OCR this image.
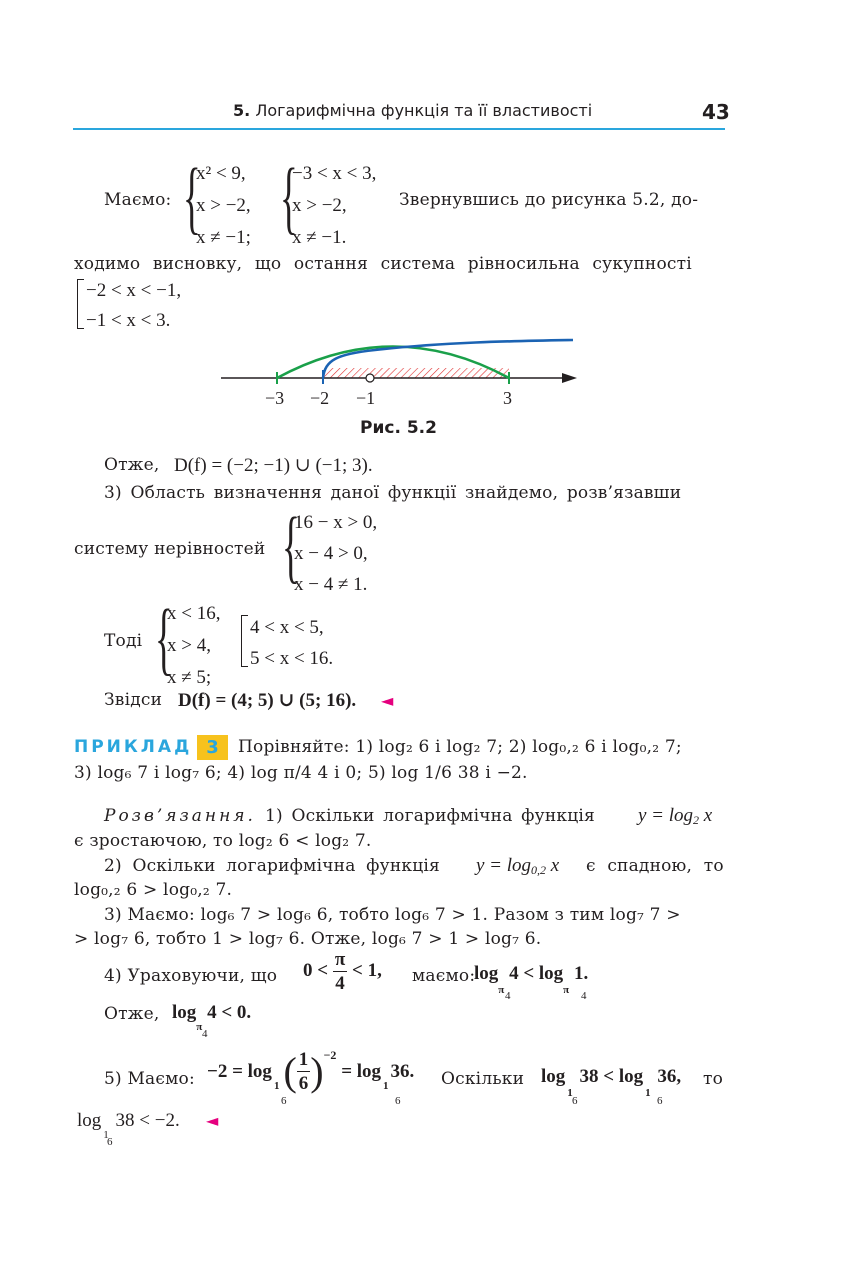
5. Логарифмічна функція та її властивості	43
Маємо: {
x² < 9,
x > −2,
x ≠ −1; {
−3 < x < 3,
x > −2,
x ≠ −1.
Звернувшись до рисунка 5.2, до-
ходимо висновку, що остання система рівносильна сукупності
−2 < x < −1,
−1 < x < 3.
−3 −2 −1	3
Рис. 5.2
Отже, D(f) = (−2; −1) ∪ (−1; 3).
3) Область визначення даної функції знайдемо, розв’язавши
систему нерівностей {
16 − x > 0,
x − 4 > 0,
x − 4 ≠ 1.
Тоді {
x < 16,
x > 4,
x ≠ 5;
4 < x < 5,
5 < x < 16.
Звідси D(f) = (4; 5) ∪ (5; 16). ◄
ПРИКЛАД 3	Порівняйте: 1) log₂ 6 і log₂ 7; 2) log₀,₂ 6 і log₀,₂ 7;
3) log₆ 7 і log₇ 6; 4) log π/4 4 і 0; 5) log 1/6 38 і −2.
Розв’язання. 1) Оскільки логарифмічна функція $y = \log_2 x$
є зростаючою, то log₂ 6 < log₂ 7.
2) Оскільки логарифмічна функція $y = \log_{0,2} x$ є спадною, то
log₀,₂ 6 > log₀,₂ 7.
3) Маємо: log₆ 7 > log₆ 6, тобто log₆ 7 > 1. Разом з тим log₇ 7 >
> log₇ 6, тобто 1 > log₇ 6. Отже, log₆ 7 > 1 > log₇ 6.
4) Ураховуючи, що $0 < \frac{\pi}{4} < 1$, маємо:
$\log_\pi 4 < \log_\pi 1$.
4	4
Отже, $\log_\pi 4 < 0$.
4
5) Маємо: −2 = log
1 ( $\frac{1}{6} )^{-2}$
= log
1
36.
6	6
Оскільки $\log_1 38 < \log_1 36$,
6	6
то
$\log_1 38 < -2$.
6
◄
